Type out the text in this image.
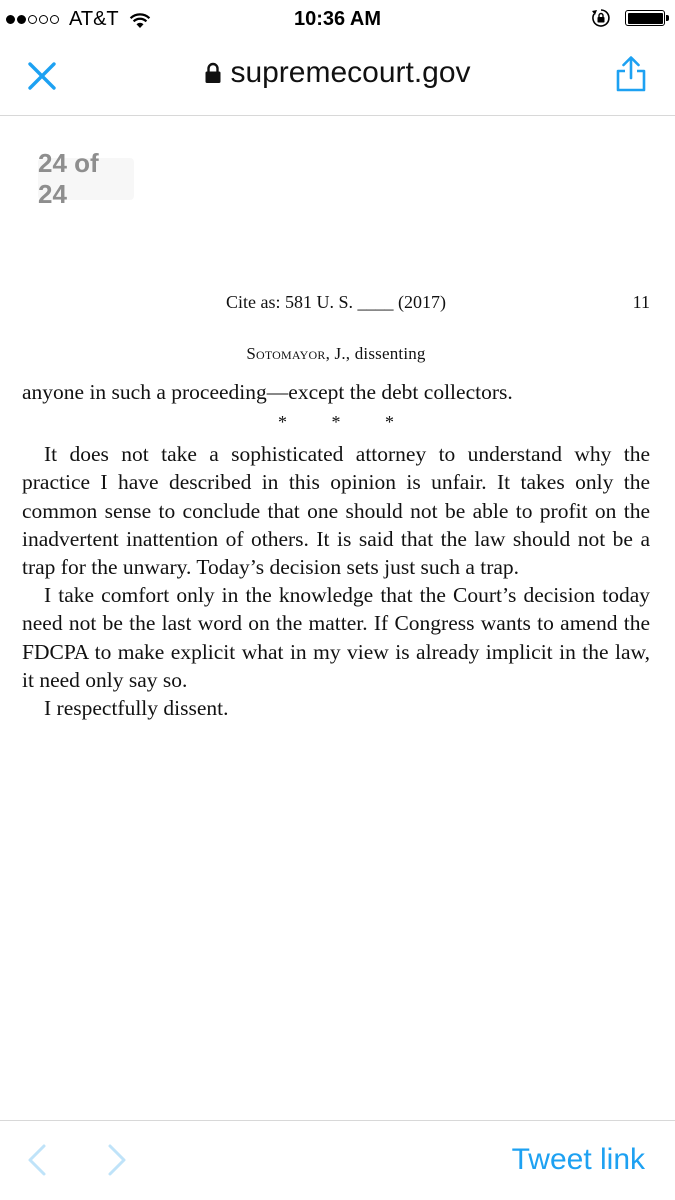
AT&T	10:36 AM
supremecourt.gov
24 of 24
Cite as: 581 U. S. ____ (2017)	11
Sotomayor, J., dissenting

anyone in such a proceeding—except the debt collectors.

* * *

It does not take a sophisticated attorney to understand why the practice I have described in this opinion is unfair. It takes only the common sense to conclude that one should not be able to profit on the inadvertent inattention of others. It is said that the law should not be a trap for the unwary. Today’s decision sets just such a trap.

I take comfort only in the knowledge that the Court’s decision today need not be the last word on the matter. If Congress wants to amend the FDCPA to make explicit what in my view is already implicit in the law, it need only say so.

I respectfully dissent.

Tweet link
